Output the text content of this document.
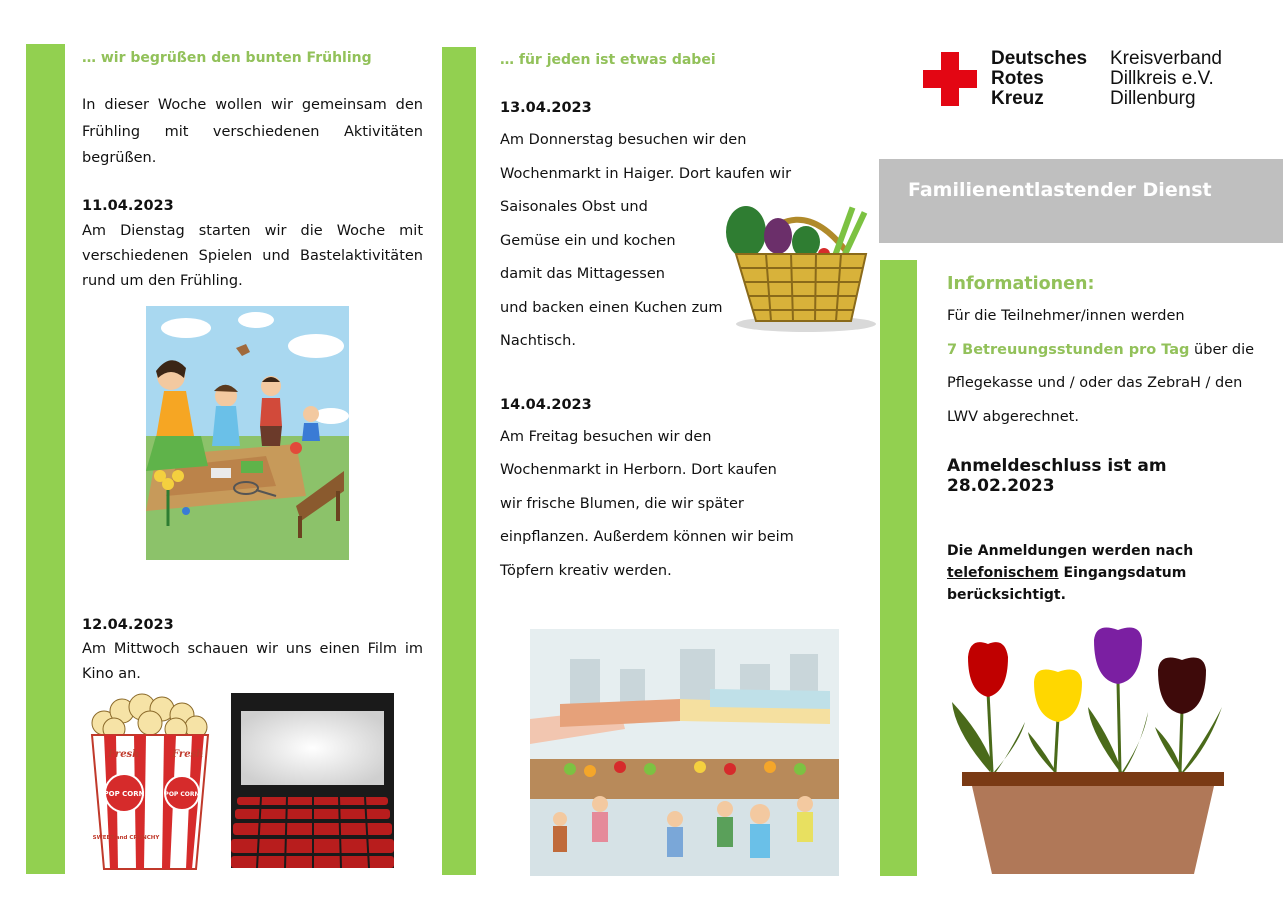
… wir begrüßen den bunten Frühling

In dieser Woche wollen wir gemeinsam den Frühling mit verschiedenen Aktivitäten begrüßen.

11.04.2023

Am Dienstag starten wir die Woche mit verschiedenen Spielen und Bastelaktivitäten rund um den Frühling.

12.04.2023

Am Mittwoch schauen wir uns einen Film im Kino an.

Fresh	Fresh
POP CORN	POP CORN
SWEET and CRUNCHY
… für jeden ist etwas dabei
13.04.2023

Am Donnerstag besuchen wir den

Wochenmarkt in Haiger. Dort kaufen wir

Saisonales Obst und

Gemüse ein und kochen

damit das Mittagessen

und backen einen Kuchen zum

Nachtisch.

14.04.2023

Am Freitag besuchen wir den

Wochenmarkt in Herborn. Dort kaufen

wir frische Blumen, die wir später

einpflanzen. Außerdem können wir beim

Töpfern kreativ werden.

Deutsches
Rotes
Kreuz
Kreisverband
Dillkreis e.V.
Dillenburg
Familienentlastender Dienst
Informationen:

Für die Teilnehmer/innen werden

7 Betreuungsstunden pro Tag über die

Pflegekasse und / oder das ZebraH / den

LWV abgerechnet.

Anmeldeschluss ist am 28.02.2023
Die Anmeldungen werden nach
telefonischem Eingangsdatum
berücksichtigt.
